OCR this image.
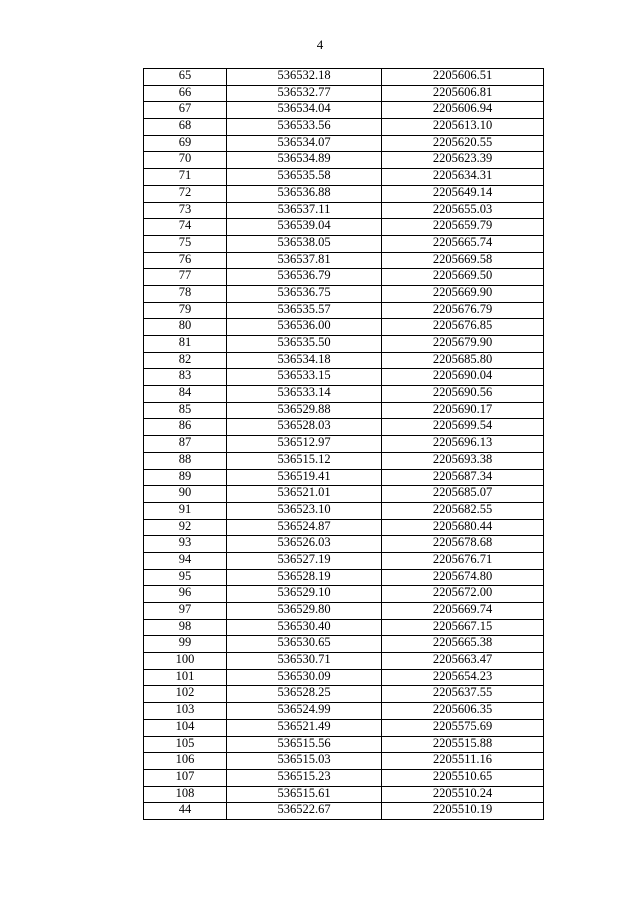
4
65	536532.18	2205606.51
66	536532.77	2205606.81
67	536534.04	2205606.94
68	536533.56	2205613.10
69	536534.07	2205620.55
70	536534.89	2205623.39
71	536535.58	2205634.31
72	536536.88	2205649.14
73	536537.11	2205655.03
74	536539.04	2205659.79
75	536538.05	2205665.74
76	536537.81	2205669.58
77	536536.79	2205669.50
78	536536.75	2205669.90
79	536535.57	2205676.79
80	536536.00	2205676.85
81	536535.50	2205679.90
82	536534.18	2205685.80
83	536533.15	2205690.04
84	536533.14	2205690.56
85	536529.88	2205690.17
86	536528.03	2205699.54
87	536512.97	2205696.13
88	536515.12	2205693.38
89	536519.41	2205687.34
90	536521.01	2205685.07
91	536523.10	2205682.55
92	536524.87	2205680.44
93	536526.03	2205678.68
94	536527.19	2205676.71
95	536528.19	2205674.80
96	536529.10	2205672.00
97	536529.80	2205669.74
98	536530.40	2205667.15
99	536530.65	2205665.38
100	536530.71	2205663.47
101	536530.09	2205654.23
102	536528.25	2205637.55
103	536524.99	2205606.35
104	536521.49	2205575.69
105	536515.56	2205515.88
106	536515.03	2205511.16
107	536515.23	2205510.65
108	536515.61	2205510.24
44	536522.67	2205510.19
